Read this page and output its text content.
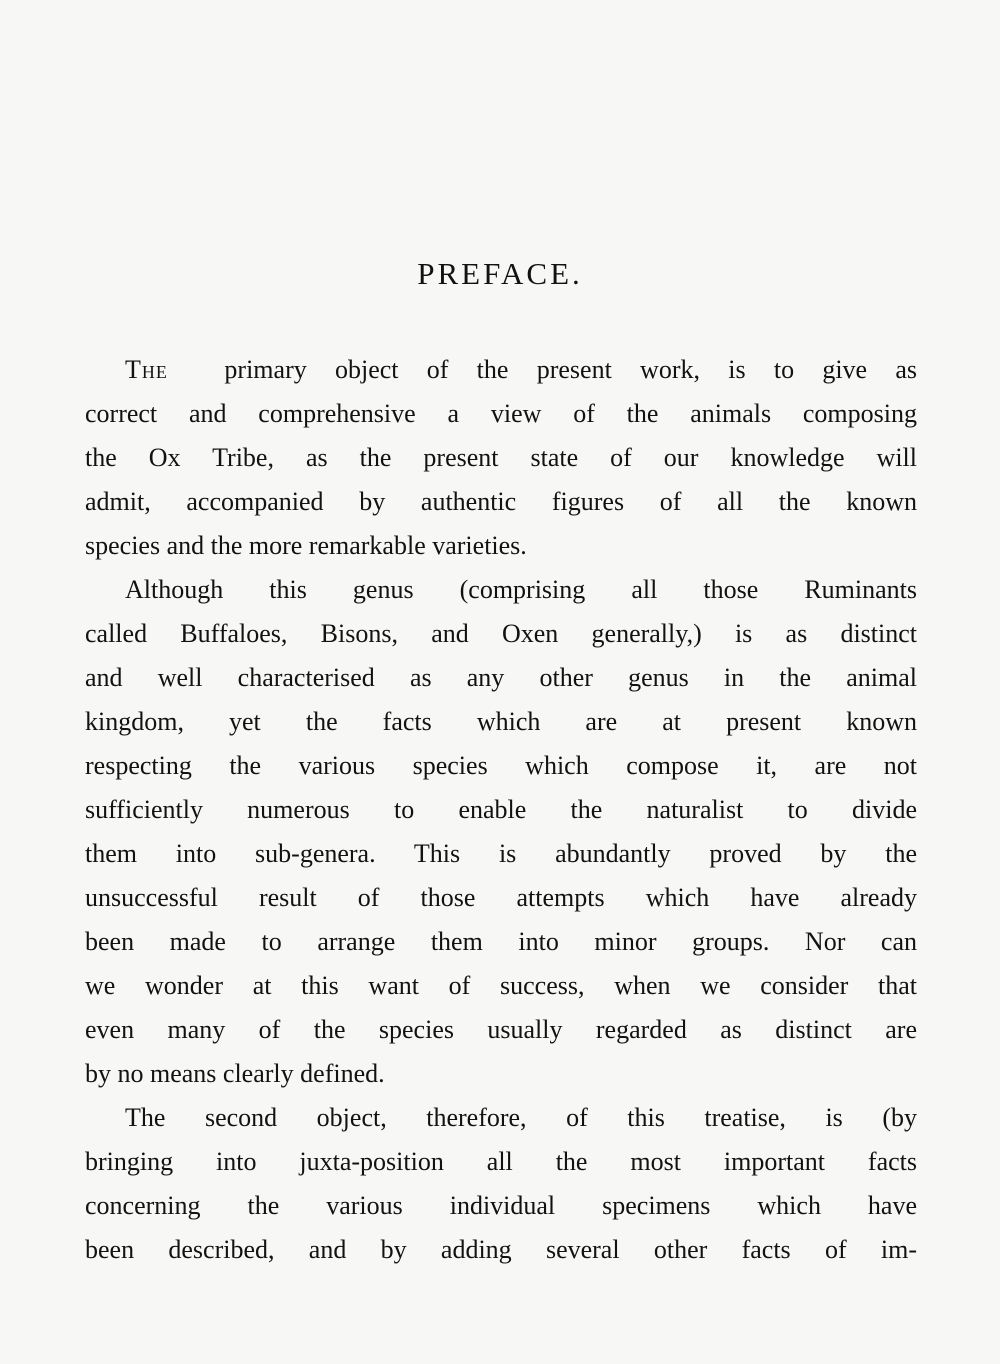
PREFACE.
The primary object of the present work, is to give as
correct and comprehensive a view of the animals composing
the Ox Tribe, as the present state of our knowledge will
admit, accompanied by authentic figures of all the known
species and the more remarkable varieties.
Although this genus (comprising all those Ruminants
called Buffaloes, Bisons, and Oxen generally,) is as distinct
and well characterised as any other genus in the animal
kingdom, yet the facts which are at present known
respecting the various species which compose it, are not
sufficiently numerous to enable the naturalist to divide
them into sub-genera. This is abundantly proved by the
unsuccessful result of those attempts which have already
been made to arrange them into minor groups. Nor can
we wonder at this want of success, when we consider that
even many of the species usually regarded as distinct are
by no means clearly defined.
The second object, therefore, of this treatise, is (by
bringing into juxta-position all the most important facts
concerning the various individual specimens which have
been described, and by adding several other facts of im-
